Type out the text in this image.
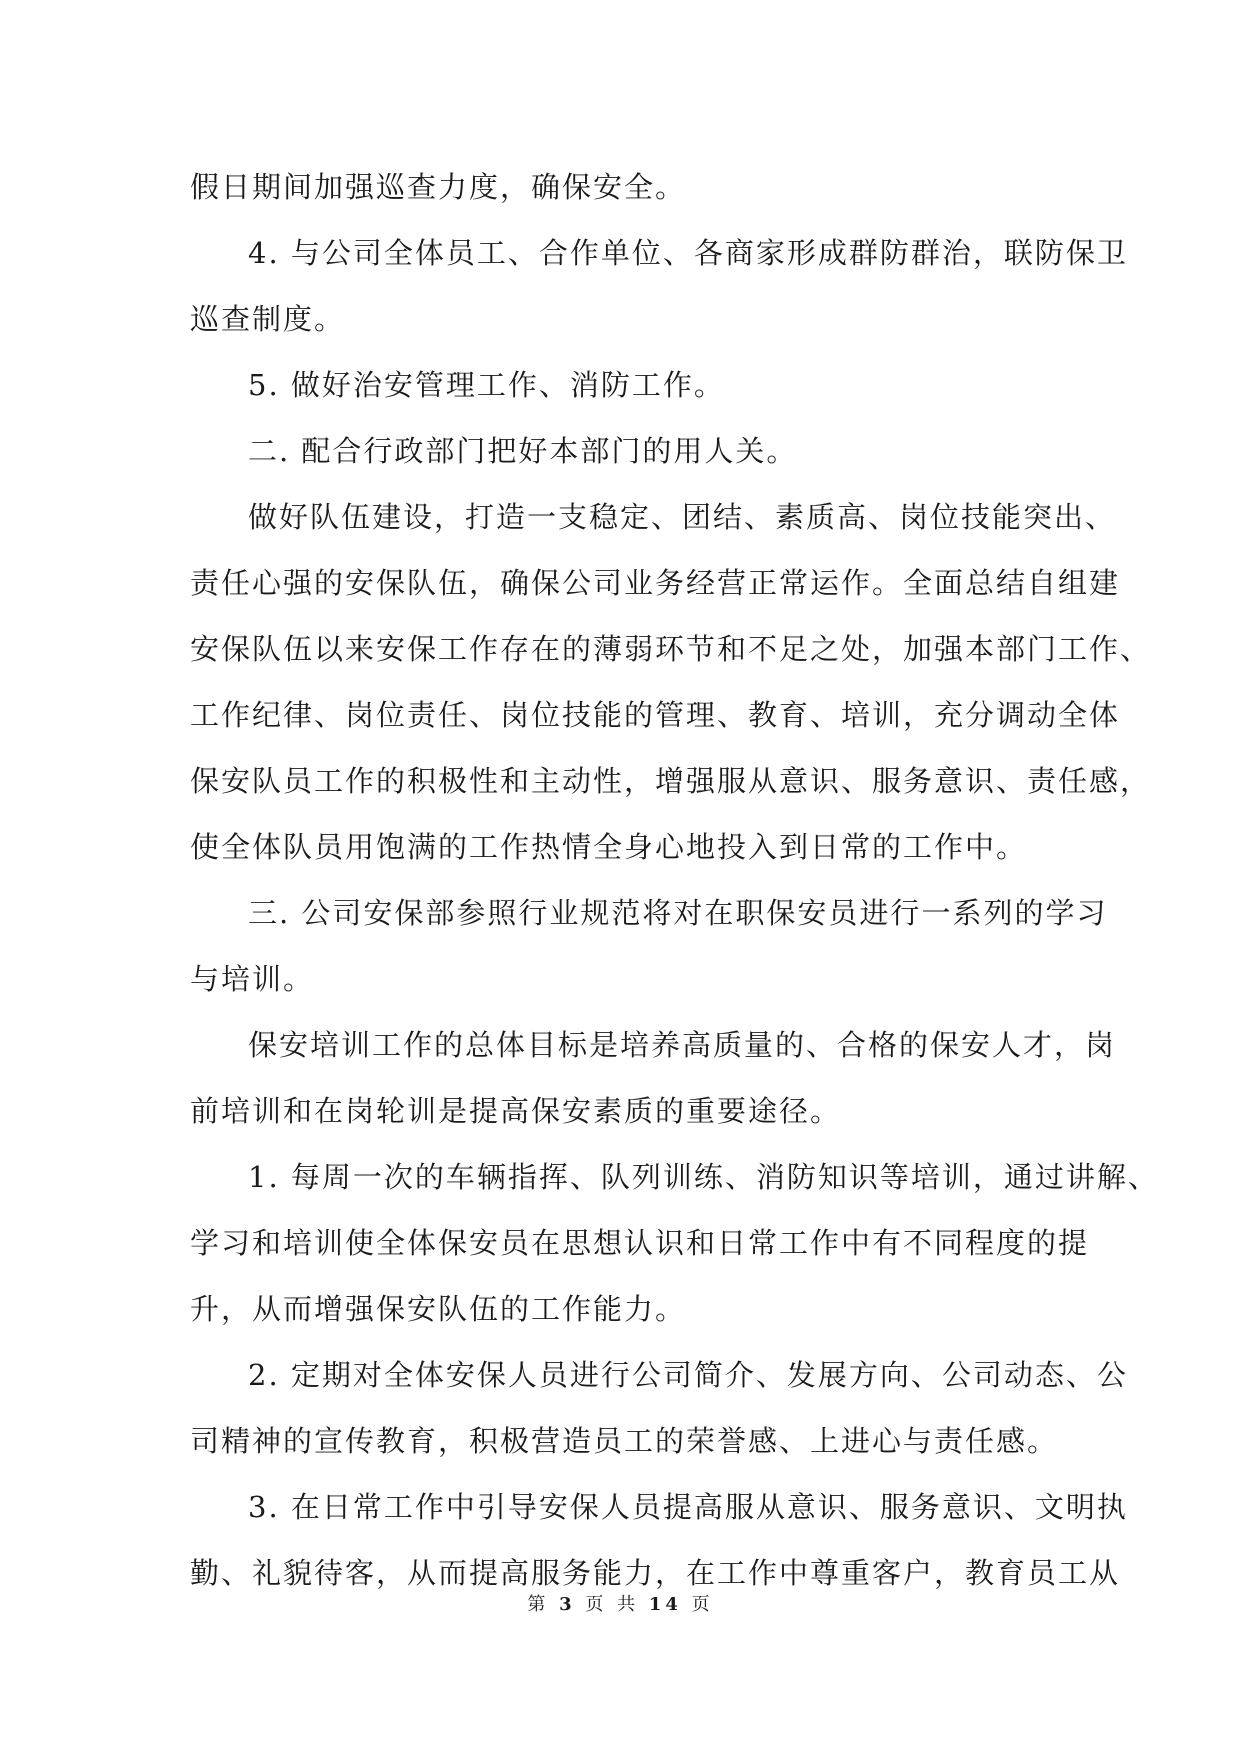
假日期间加强巡查力度，确保安全。
4. 与公司全体员工、合作单位、各商家形成群防群治，联防保卫
巡查制度。
5. 做好治安管理工作、消防工作。
二. 配合行政部门把好本部门的用人关。
做好队伍建设，打造一支稳定、团结、素质高、岗位技能突出、
责任心强的安保队伍，确保公司业务经营正常运作。全面总结自组建
安保队伍以来安保工作存在的薄弱环节和不足之处，加强本部门工作、
工作纪律、岗位责任、岗位技能的管理、教育、培训，充分调动全体
保安队员工作的积极性和主动性，增强服从意识、服务意识、责任感，
使全体队员用饱满的工作热情全身心地投入到日常的工作中。
三. 公司安保部参照行业规范将对在职保安员进行一系列的学习
与培训。
保安培训工作的总体目标是培养高质量的、合格的保安人才，岗
前培训和在岗轮训是提高保安素质的重要途径。
1. 每周一次的车辆指挥、队列训练、消防知识等培训，通过讲解、
学习和培训使全体保安员在思想认识和日常工作中有不同程度的提
升，从而增强保安队伍的工作能力。
2. 定期对全体安保人员进行公司简介、发展方向、公司动态、公
司精神的宣传教育，积极营造员工的荣誉感、上进心与责任感。
3. 在日常工作中引导安保人员提高服从意识、服务意识、文明执
勤、礼貌待客，从而提高服务能力，在工作中尊重客户，教育员工从
第 3 页 共 14 页
